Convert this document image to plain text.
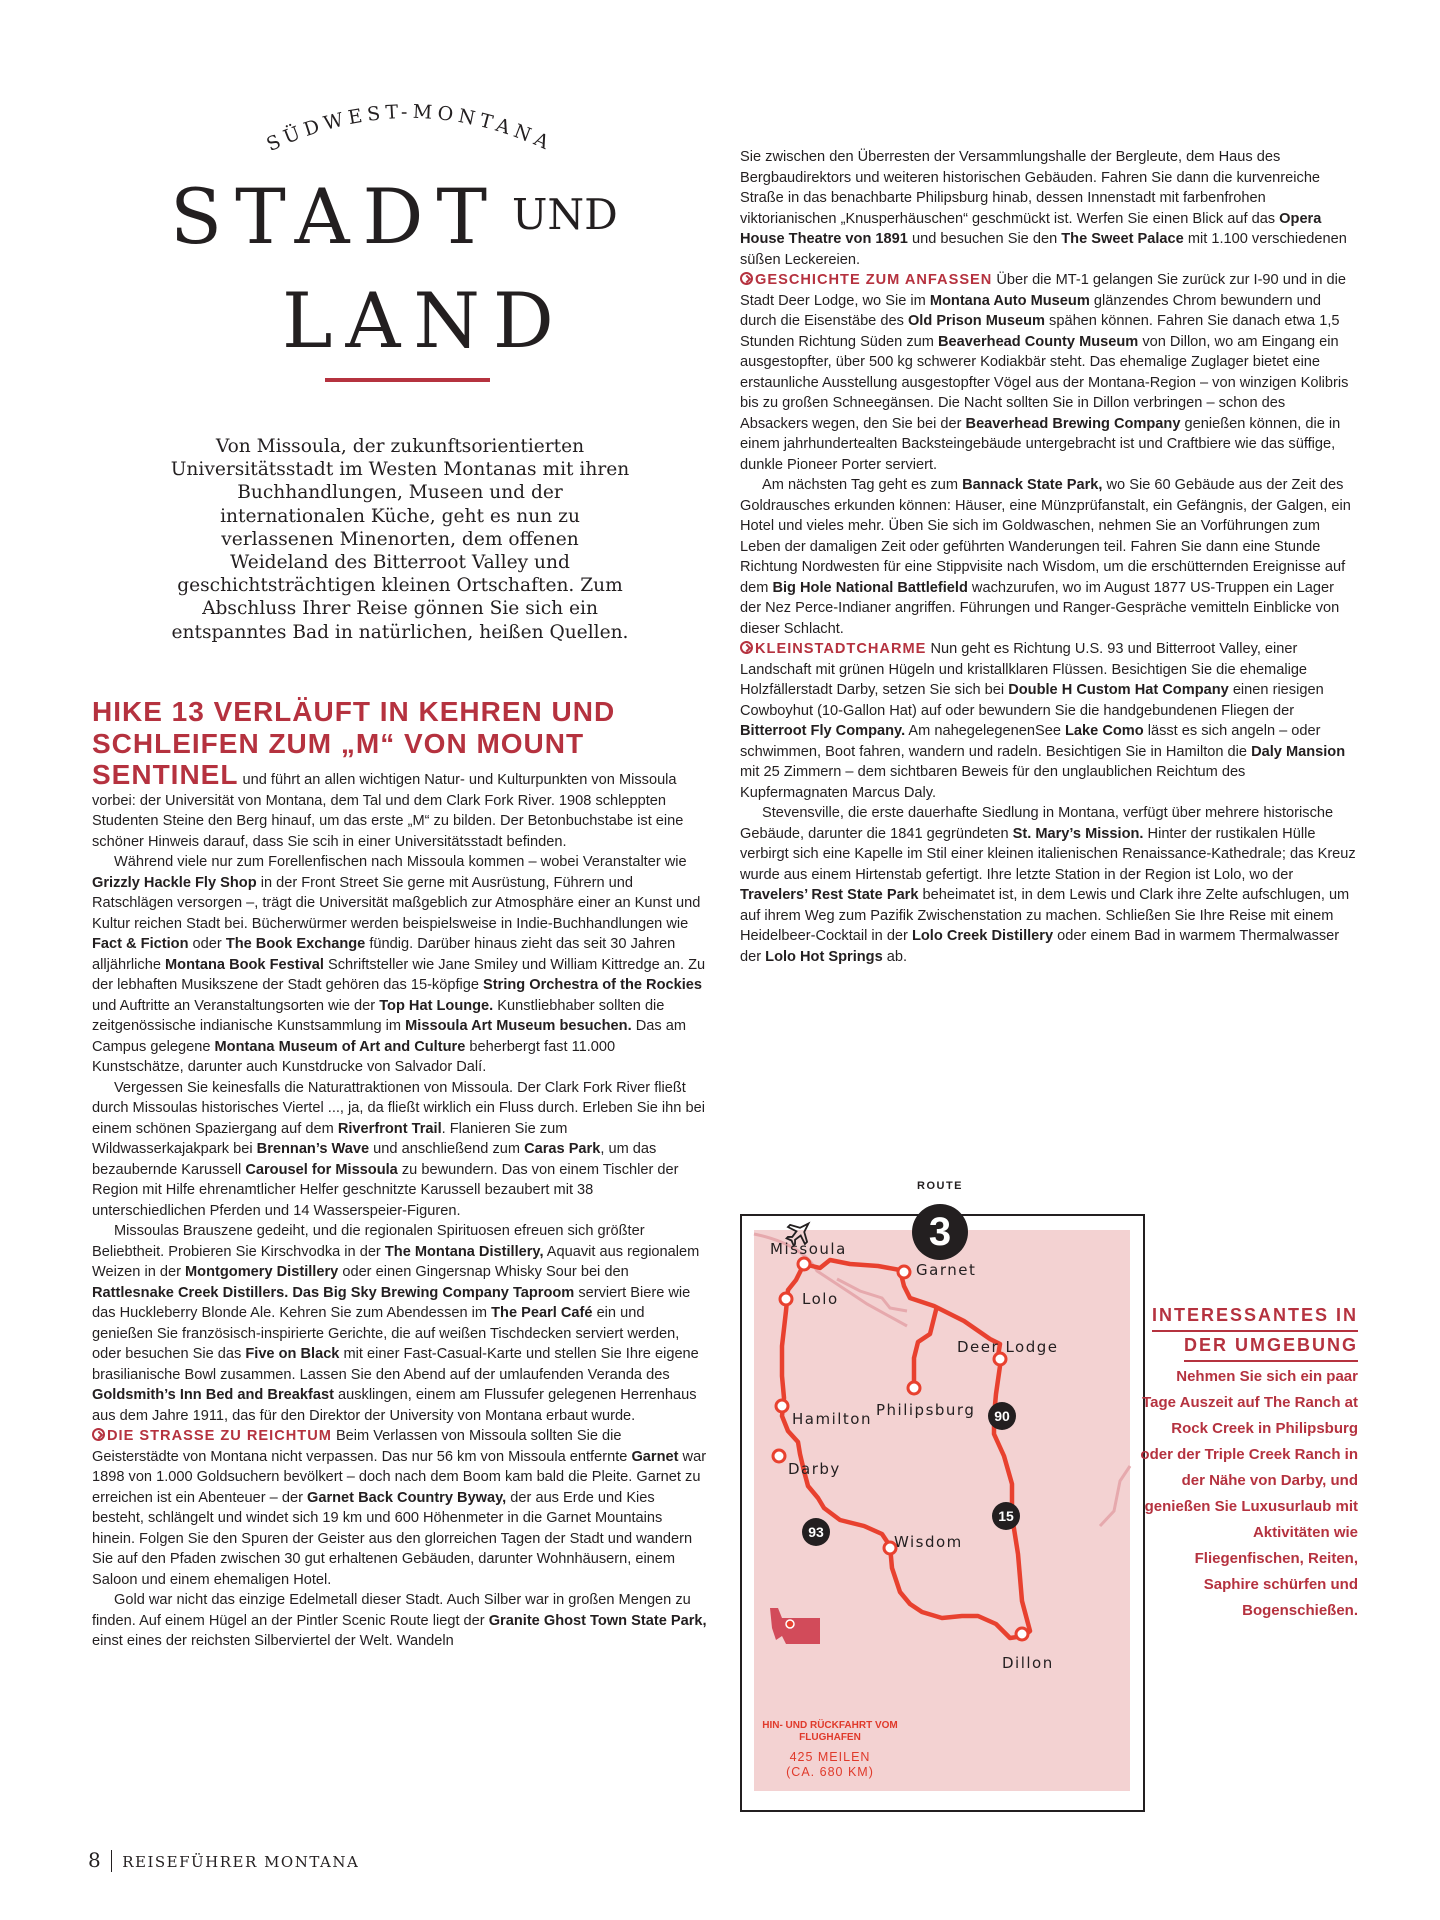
SÜDWEST-MONTANA
STADT UND
LAND
Von Missoula, der zukunftsorientierten Universitätsstadt im Westen Montanas mit ihren Buchhandlungen, Museen und der internationalen Küche, geht es nun zu verlassenen Minenorten, dem offenen Weideland des Bitterroot Valley und geschichtsträchtigen kleinen Ortschaften. Zum Abschluss Ihrer Reise gönnen Sie sich ein entspanntes Bad in natürlichen, heißen Quellen.

HIKE 13 VERLÄUFT IN KEHREN UND SCHLEIFEN ZUM „M“ VON MOUNT SENTINEL und führt an allen wichtigen Natur- und Kulturpunkten von Missoula vorbei: der Universität von Montana, dem Tal und dem Clark Fork River. 1908 schleppten Studenten Steine den Berg hinauf, um das erste „M“ zu bilden. Der Betonbuchstabe ist eine schöner Hinweis darauf, dass Sie scih in einer Universitätsstadt befinden.

Während viele nur zum Forellenfischen nach Missoula kommen – wobei Veranstalter wie Grizzly Hackle Fly Shop in der Front Street Sie gerne mit Ausrüstung, Führern und Ratschlägen versorgen –, trägt die Universität maßgeblich zur Atmosphäre einer an Kunst und Kultur reichen Stadt bei. Bücherwürmer werden beispielsweise in Indie-Buchhandlungen wie Fact & Fiction oder The Book Exchange fündig. Darüber hinaus zieht das seit 30 Jahren alljährliche Montana Book Festival Schriftsteller wie Jane Smiley und William Kittredge an. Zu der lebhaften Musikszene der Stadt gehören das 15-köpfige String Orchestra of the Rockies und Auftritte an Veranstaltungsorten wie der Top Hat Lounge. Kunstliebhaber sollten die zeitgenössische indianische Kunstsammlung im Missoula Art Museum besuchen. Das am Campus gelegene Montana Museum of Art and Culture beherbergt fast 11.000 Kunstschätze, darunter auch Kunstdrucke von Salvador Dalí.

Vergessen Sie keinesfalls die Naturattraktionen von Missoula. Der Clark Fork River fließt durch Missoulas historisches Viertel ..., ja, da fließt wirklich ein Fluss durch. Erleben Sie ihn bei einem schönen Spaziergang auf dem Riverfront Trail. Flanieren Sie zum Wildwasserkajakpark bei Brennan’s Wave und anschließend zum Caras Park, um das bezaubernde Karussell Carousel for Missoula zu bewundern. Das von einem Tischler der Region mit Hilfe ehrenamtlicher Helfer geschnitzte Karussell bezaubert mit 38 unterschiedlichen Pferden und 14 Wasserspeier-Figuren.

Missoulas Brauszene gedeiht, und die regionalen Spirituosen efreuen sich größter Beliebtheit. Probieren Sie Kirschvodka in der The Montana Distillery, Aquavit aus regionalem Weizen in der Montgomery Distillery oder einen Gingersnap Whisky Sour bei den Rattlesnake Creek Distillers. Das Big Sky Brewing Company Taproom serviert Biere wie das Huckleberry Blonde Ale. Kehren Sie zum Abendessen im The Pearl Café ein und genießen Sie französisch-inspirierte Gerichte, die auf weißen Tischdecken serviert werden, oder besuchen Sie das Five on Black mit einer Fast-Casual-Karte und stellen Sie Ihre eigene brasilianische Bowl zusammen. Lassen Sie den Abend auf der umlaufenden Veranda des Goldsmith’s Inn Bed and Breakfast ausklingen, einem am Flussufer gelegenen Herrenhaus aus dem Jahre 1911, das für den Direktor der University von Montana erbaut wurde.

DIE STRASSE ZU REICHTUM Beim Verlassen von Missoula sollten Sie die Geisterstädte von Montana nicht verpassen. Das nur 56 km von Missoula entfernte Garnet war 1898 von 1.000 Goldsuchern bevölkert – doch nach dem Boom kam bald die Pleite. Garnet zu erreichen ist ein Abenteuer – der Garnet Back Country Byway, der aus Erde und Kies besteht, schlängelt und windet sich 19 km und 600 Höhenmeter in die Garnet Mountains hinein. Folgen Sie den Spuren der Geister aus den glorreichen Tagen der Stadt und wandern Sie auf den Pfaden zwischen 30 gut erhaltenen Gebäuden, darunter Wohnhäusern, einem Saloon und einem ehemaligen Hotel.

Gold war nicht das einzige Edelmetall dieser Stadt. Auch Silber war in großen Mengen zu finden. Auf einem Hügel an der Pintler Scenic Route liegt der Granite Ghost Town State Park, einst eines der reichsten Silberviertel der Welt. Wandeln

Sie zwischen den Überresten der Versammlungshalle der Bergleute, dem Haus des Bergbaudirektors und weiteren historischen Gebäuden. Fahren Sie dann die kurvenreiche Straße in das benachbarte Philipsburg hinab, dessen Innenstadt mit farbenfrohen viktorianischen „Knusperhäuschen“ geschmückt ist. Werfen Sie einen Blick auf das Opera House Theatre von 1891 und besuchen Sie den The Sweet Palace mit 1.100 verschiedenen süßen Leckereien.

GESCHICHTE ZUM ANFASSEN Über die MT-1 gelangen Sie zurück zur I-90 und in die Stadt Deer Lodge, wo Sie im Montana Auto Museum glänzendes Chrom bewundern und durch die Eisenstäbe des Old Prison Museum spähen können. Fahren Sie danach etwa 1,5 Stunden Richtung Süden zum Beaverhead County Museum von Dillon, wo am Eingang ein ausgestopfter, über 500 kg schwerer Kodiakbär steht. Das ehemalige Zuglager bietet eine erstaunliche Ausstellung ausgestopfter Vögel aus der Montana-Region – von winzigen Kolibris bis zu großen Schneegänsen. Die Nacht sollten Sie in Dillon verbringen – schon des Absackers wegen, den Sie bei der Beaverhead Brewing Company genießen können, die in einem jahrhundertealten Backsteingebäude untergebracht ist und Craftbiere wie das süffige, dunkle Pioneer Porter serviert.

Am nächsten Tag geht es zum Bannack State Park, wo Sie 60 Gebäude aus der Zeit des Goldrausches erkunden können: Häuser, eine Münzprüfanstalt, ein Gefängnis, der Galgen, ein Hotel und vieles mehr. Üben Sie sich im Goldwaschen, nehmen Sie an Vorführungen zum Leben der damaligen Zeit oder geführten Wanderungen teil. Fahren Sie dann eine Stunde Richtung Nordwesten für eine Stippvisite nach Wisdom, um die erschütternden Ereignisse auf dem Big Hole National Battlefield wachzurufen, wo im August 1877 US-Truppen ein Lager der Nez Perce-Indianer angriffen. Führungen und Ranger-Gespräche vemitteln Einblicke von dieser Schlacht.

KLEINSTADTCHARME Nun geht es Richtung U.S. 93 und Bitterroot Valley, einer Landschaft mit grünen Hügeln und kristallklaren Flüssen. Besichtigen Sie die ehemalige Holzfällerstadt Darby, setzen Sie sich bei Double H Custom Hat Company einen riesigen Cowboyhut (10-Gallon Hat) auf oder bewundern Sie die handgebundenen Fliegen der Bitterroot Fly Company. Am nahegelegenenSee Lake Como lässt es sich angeln – oder schwimmen, Boot fahren, wandern und radeln. Besichtigen Sie in Hamilton die Daly Mansion mit 25 Zimmern – dem sichtbaren Beweis für den unglaublichen Reichtum des Kupfermagnaten Marcus Daly.

Stevensville, die erste dauerhafte Siedlung in Montana, verfügt über mehrere historische Gebäude, darunter die 1841 gegründeten St. Mary’s Mission. Hinter der rustikalen Hülle verbirgt sich eine Kapelle im Stil einer kleinen italienischen Renaissance-Kathedrale; das Kreuz wurde aus einem Hirtenstab gefertigt. Ihre letzte Station in der Region ist Lolo, wo der Travelers’ Rest State Park beheimatet ist, in dem Lewis und Clark ihre Zelte aufschlugen, um auf ihrem Weg zum Pazifik Zwischenstation zu machen. Schließen Sie Ihre Reise mit einem Heidelbeer-Cocktail in der Lolo Creek Distillery oder einem Bad in warmem Thermalwasser der Lolo Hot Springs ab.

Missoula
Garnet
Lolo
Deer Lodge
Philipsburg
Hamilton
Darby
Wisdom
Dillon
90
15
93
ROUTE
3
HIN- UND RÜCKFAHRT VOM FLUGHAFEN
425 MEILEN
(CA. 680 KM)
INTERESSANTES IN
DER UMGEBUNG
Nehmen Sie sich ein paar Tage Auszeit auf The Ranch at Rock Creek in Philipsburg oder der Triple Creek Ranch in der Nähe von Darby, und genießen Sie Luxusurlaub mit Aktivitäten wie Fliegenfischen, Reiten, Saphire schürfen und Bogenschießen.
8 REISEFÜHRER MONTANA
